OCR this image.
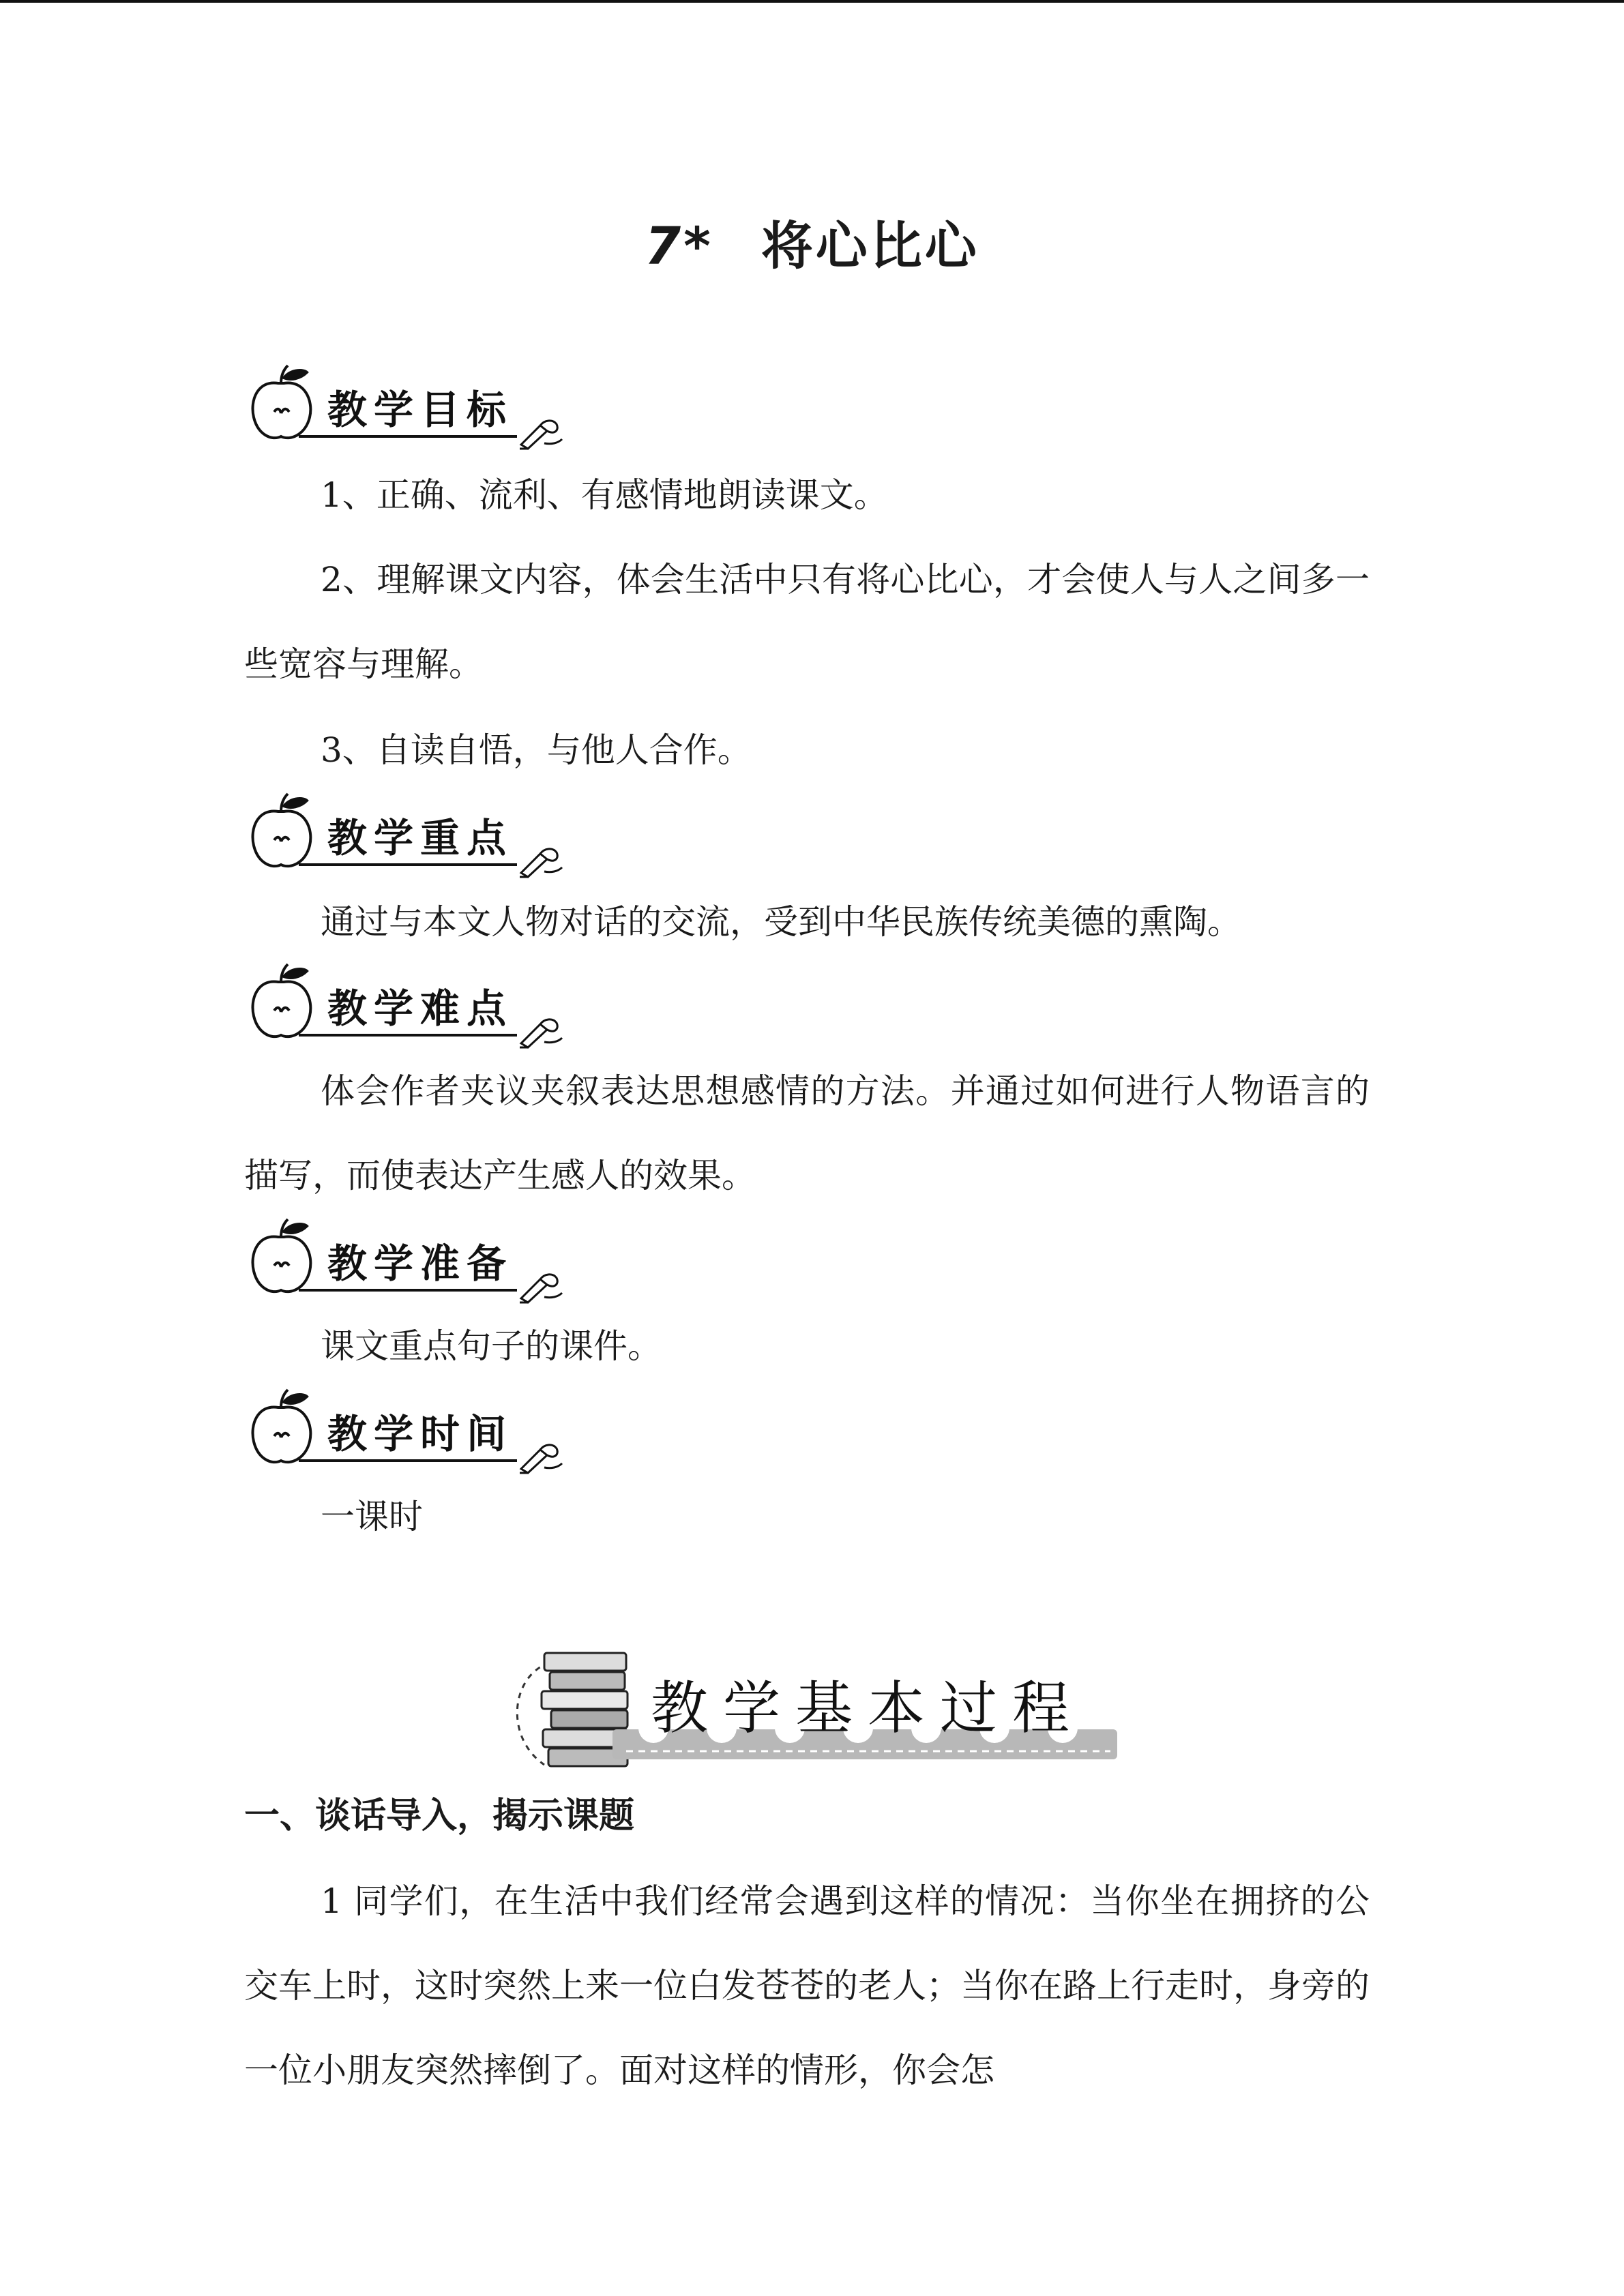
7* 将心比心
教学目标

1、正确、流利、有感情地朗读课文。

2、理解课文内容，体会生活中只有将心比心，才会使人与人之间多一些宽容与理解。

3、自读自悟，与他人合作。

教学重点

通过与本文人物对话的交流，受到中华民族传统美德的熏陶。

教学难点

体会作者夹议夹叙表达思想感情的方法。并通过如何进行人物语言的描写，而使表达产生感人的效果。

教学准备

课文重点句子的课件。

教学时间

一课时

教学基本过程
一、谈话导入，揭示课题

1 同学们，在生活中我们经常会遇到这样的情况：当你坐在拥挤的公交车上时，这时突然上来一位白发苍苍的老人；当你在路上行走时，身旁的一位小朋友突然摔倒了。面对这样的情形，你会怎
